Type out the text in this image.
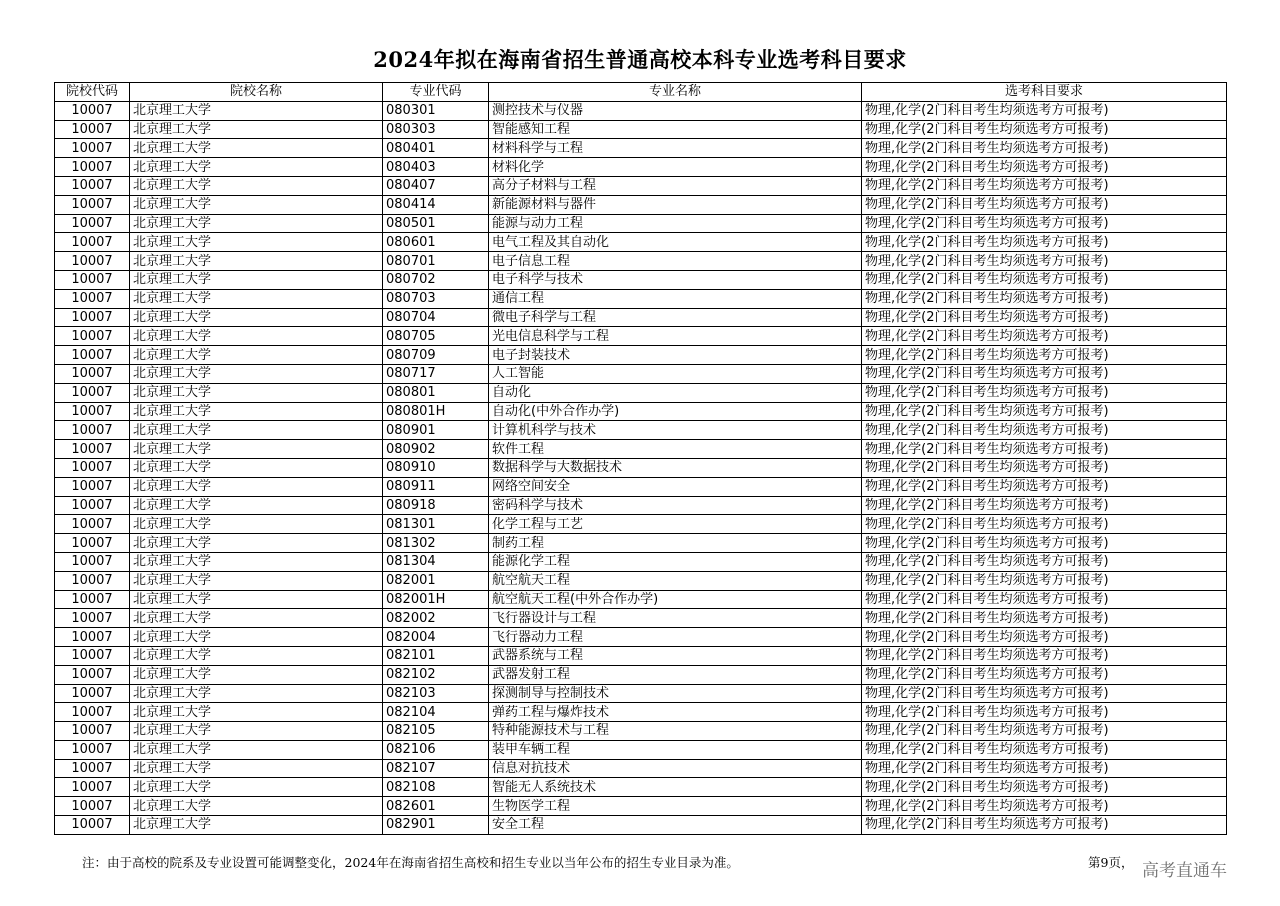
2024年拟在海南省招生普通高校本科专业选考科目要求
院校代码	院校名称	专业代码	专业名称	选考科目要求
10007	北京理工大学	080301	测控技术与仪器	物理,化学(2门科目考生均须选考方可报考)
10007	北京理工大学	080303	智能感知工程	物理,化学(2门科目考生均须选考方可报考)
10007	北京理工大学	080401	材料科学与工程	物理,化学(2门科目考生均须选考方可报考)
10007	北京理工大学	080403	材料化学	物理,化学(2门科目考生均须选考方可报考)
10007	北京理工大学	080407	高分子材料与工程	物理,化学(2门科目考生均须选考方可报考)
10007	北京理工大学	080414	新能源材料与器件	物理,化学(2门科目考生均须选考方可报考)
10007	北京理工大学	080501	能源与动力工程	物理,化学(2门科目考生均须选考方可报考)
10007	北京理工大学	080601	电气工程及其自动化	物理,化学(2门科目考生均须选考方可报考)
10007	北京理工大学	080701	电子信息工程	物理,化学(2门科目考生均须选考方可报考)
10007	北京理工大学	080702	电子科学与技术	物理,化学(2门科目考生均须选考方可报考)
10007	北京理工大学	080703	通信工程	物理,化学(2门科目考生均须选考方可报考)
10007	北京理工大学	080704	微电子科学与工程	物理,化学(2门科目考生均须选考方可报考)
10007	北京理工大学	080705	光电信息科学与工程	物理,化学(2门科目考生均须选考方可报考)
10007	北京理工大学	080709	电子封装技术	物理,化学(2门科目考生均须选考方可报考)
10007	北京理工大学	080717	人工智能	物理,化学(2门科目考生均须选考方可报考)
10007	北京理工大学	080801	自动化	物理,化学(2门科目考生均须选考方可报考)
10007	北京理工大学	080801H	自动化(中外合作办学)	物理,化学(2门科目考生均须选考方可报考)
10007	北京理工大学	080901	计算机科学与技术	物理,化学(2门科目考生均须选考方可报考)
10007	北京理工大学	080902	软件工程	物理,化学(2门科目考生均须选考方可报考)
10007	北京理工大学	080910	数据科学与大数据技术	物理,化学(2门科目考生均须选考方可报考)
10007	北京理工大学	080911	网络空间安全	物理,化学(2门科目考生均须选考方可报考)
10007	北京理工大学	080918	密码科学与技术	物理,化学(2门科目考生均须选考方可报考)
10007	北京理工大学	081301	化学工程与工艺	物理,化学(2门科目考生均须选考方可报考)
10007	北京理工大学	081302	制药工程	物理,化学(2门科目考生均须选考方可报考)
10007	北京理工大学	081304	能源化学工程	物理,化学(2门科目考生均须选考方可报考)
10007	北京理工大学	082001	航空航天工程	物理,化学(2门科目考生均须选考方可报考)
10007	北京理工大学	082001H	航空航天工程(中外合作办学)	物理,化学(2门科目考生均须选考方可报考)
10007	北京理工大学	082002	飞行器设计与工程	物理,化学(2门科目考生均须选考方可报考)
10007	北京理工大学	082004	飞行器动力工程	物理,化学(2门科目考生均须选考方可报考)
10007	北京理工大学	082101	武器系统与工程	物理,化学(2门科目考生均须选考方可报考)
10007	北京理工大学	082102	武器发射工程	物理,化学(2门科目考生均须选考方可报考)
10007	北京理工大学	082103	探测制导与控制技术	物理,化学(2门科目考生均须选考方可报考)
10007	北京理工大学	082104	弹药工程与爆炸技术	物理,化学(2门科目考生均须选考方可报考)
10007	北京理工大学	082105	特种能源技术与工程	物理,化学(2门科目考生均须选考方可报考)
10007	北京理工大学	082106	装甲车辆工程	物理,化学(2门科目考生均须选考方可报考)
10007	北京理工大学	082107	信息对抗技术	物理,化学(2门科目考生均须选考方可报考)
10007	北京理工大学	082108	智能无人系统技术	物理,化学(2门科目考生均须选考方可报考)
10007	北京理工大学	082601	生物医学工程	物理,化学(2门科目考生均须选考方可报考)
10007	北京理工大学	082901	安全工程	物理,化学(2门科目考生均须选考方可报考)
注：由于高校的院系及专业设置可能调整变化，2024年在海南省招生高校和招生专业以当年公布的招生专业目录为准。	第9页， 高考直通车
